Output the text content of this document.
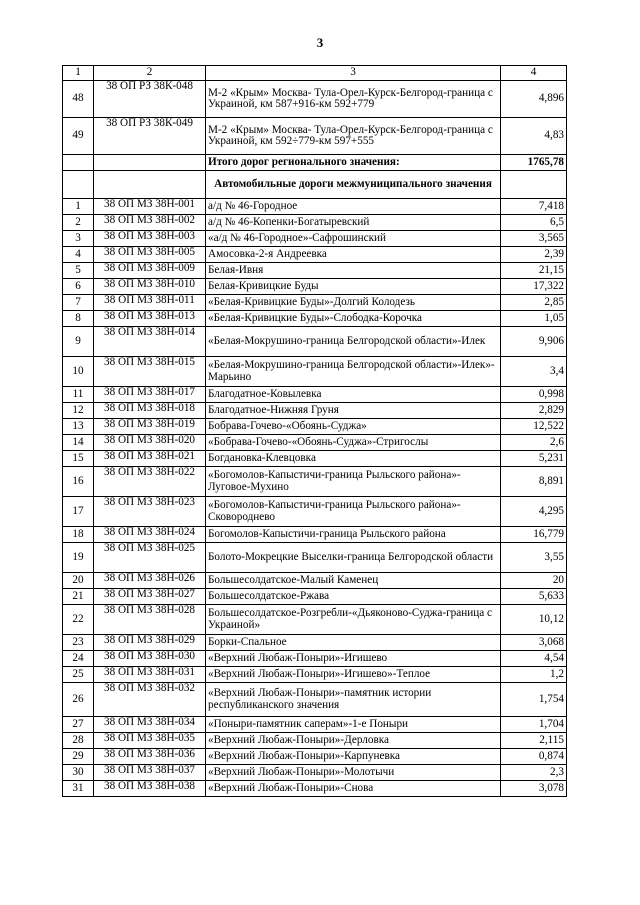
3
1	2	3	4
48	38 ОП РЗ 38К-048	М-2 «Крым» Москва- Тула-Орел-Курск-Белгород-граница с Украиной, км 587+916-км 592+779	4,896
49	38 ОП РЗ 38К-049	М-2 «Крым» Москва- Тула-Орел-Курск-Белгород-граница с Украиной, км 592÷779-км 597+555	4,83
		Итого дорог регионального значения:	1765,78
		Автомобильные дороги межмуниципального значения	
1	38 ОП МЗ 38Н-001	а/д № 46-Городное	7,418
2	38 ОП МЗ 38Н-002	а/д № 46-Копенки-Богатыревский	6,5
3	38 ОП МЗ 38Н-003	«а/д № 46-Городное»-Сафрошинский	3,565
4	38 ОП МЗ 38Н-005	Амосовка-2-я Андреевка	2,39
5	38 ОП МЗ 38Н-009	Белая-Ивня	21,15
6	38 ОП МЗ 38Н-010	Белая-Кривицкие Буды	17,322
7	38 ОП МЗ 38Н-011	«Белая-Кривицкие Буды»-Долгий Колодезь	2,85
8	38 ОП МЗ 38Н-013	«Белая-Кривицкие Буды»-Слободка-Корочка	1,05
9	38 ОП МЗ 38Н-014	«Белая-Мокрушино-граница Белгородской области»-Илек	9,906
10	38 ОП МЗ 38Н-015	«Белая-Мокрушино-граница Белгородской области»-Илек»-Марьино	3,4
11	38 ОП МЗ 38Н-017	Благодатное-Ковылевка	0,998
12	38 ОП МЗ 38Н-018	Благодатное-Нижняя Груня	2,829
13	38 ОП МЗ 38Н-019	Бобрава-Гочево-«Обоянь-Суджа»	12,522
14	38 ОП МЗ 38Н-020	«Бобрава-Гочево-«Обоянь-Суджа»-Стригослы	2,6
15	38 ОП МЗ 38Н-021	Богдановка-Клевцовка	5,231
16	38 ОП МЗ 38Н-022	«Богомолов-Капыстичи-граница Рыльского района»-Луговое-Мухино	8,891
17	38 ОП МЗ 38Н-023	«Богомолов-Капыстичи-граница Рыльского района»-Сковороднево	4,295
18	38 ОП МЗ 38Н-024	Богомолов-Капыстичи-граница Рыльского района	16,779
19	38 ОП МЗ 38Н-025	Болото-Мокрецкие Выселки-граница Белгородской области	3,55
20	38 ОП МЗ 38Н-026	Большесолдатское-Малый Каменец	20
21	38 ОП МЗ 38Н-027	Большесолдатское-Ржава	5,633
22	38 ОП МЗ 38Н-028	Большесолдатское-Розгребли-«Дьяконово-Суджа-граница с Украиной»	10,12
23	38 ОП МЗ 38Н-029	Борки-Спальное	3,068
24	38 ОП МЗ 38Н-030	«Верхний Любаж-Поныри»-Игишево	4,54
25	38 ОП МЗ 38Н-031	«Верхний Любаж-Поныри»-Игишево»-Теплое	1,2
26	38 ОП МЗ 38Н-032	«Верхний Любаж-Поныри»-памятник истории республиканского значения	1,754
27	38 ОП МЗ 38Н-034	«Поныри-памятник саперам»-1-е Поныри	1,704
28	38 ОП МЗ 38Н-035	«Верхний Любаж-Поныри»-Дерловка	2,115
29	38 ОП МЗ 38Н-036	«Верхний Любаж-Поныри»-Карпуневка	0,874
30	38 ОП МЗ 38Н-037	«Верхний Любаж-Поныри»-Молотычи	2,3
31	38 ОП МЗ 38Н-038	«Верхний Любаж-Поныри»-Снова	3,078
